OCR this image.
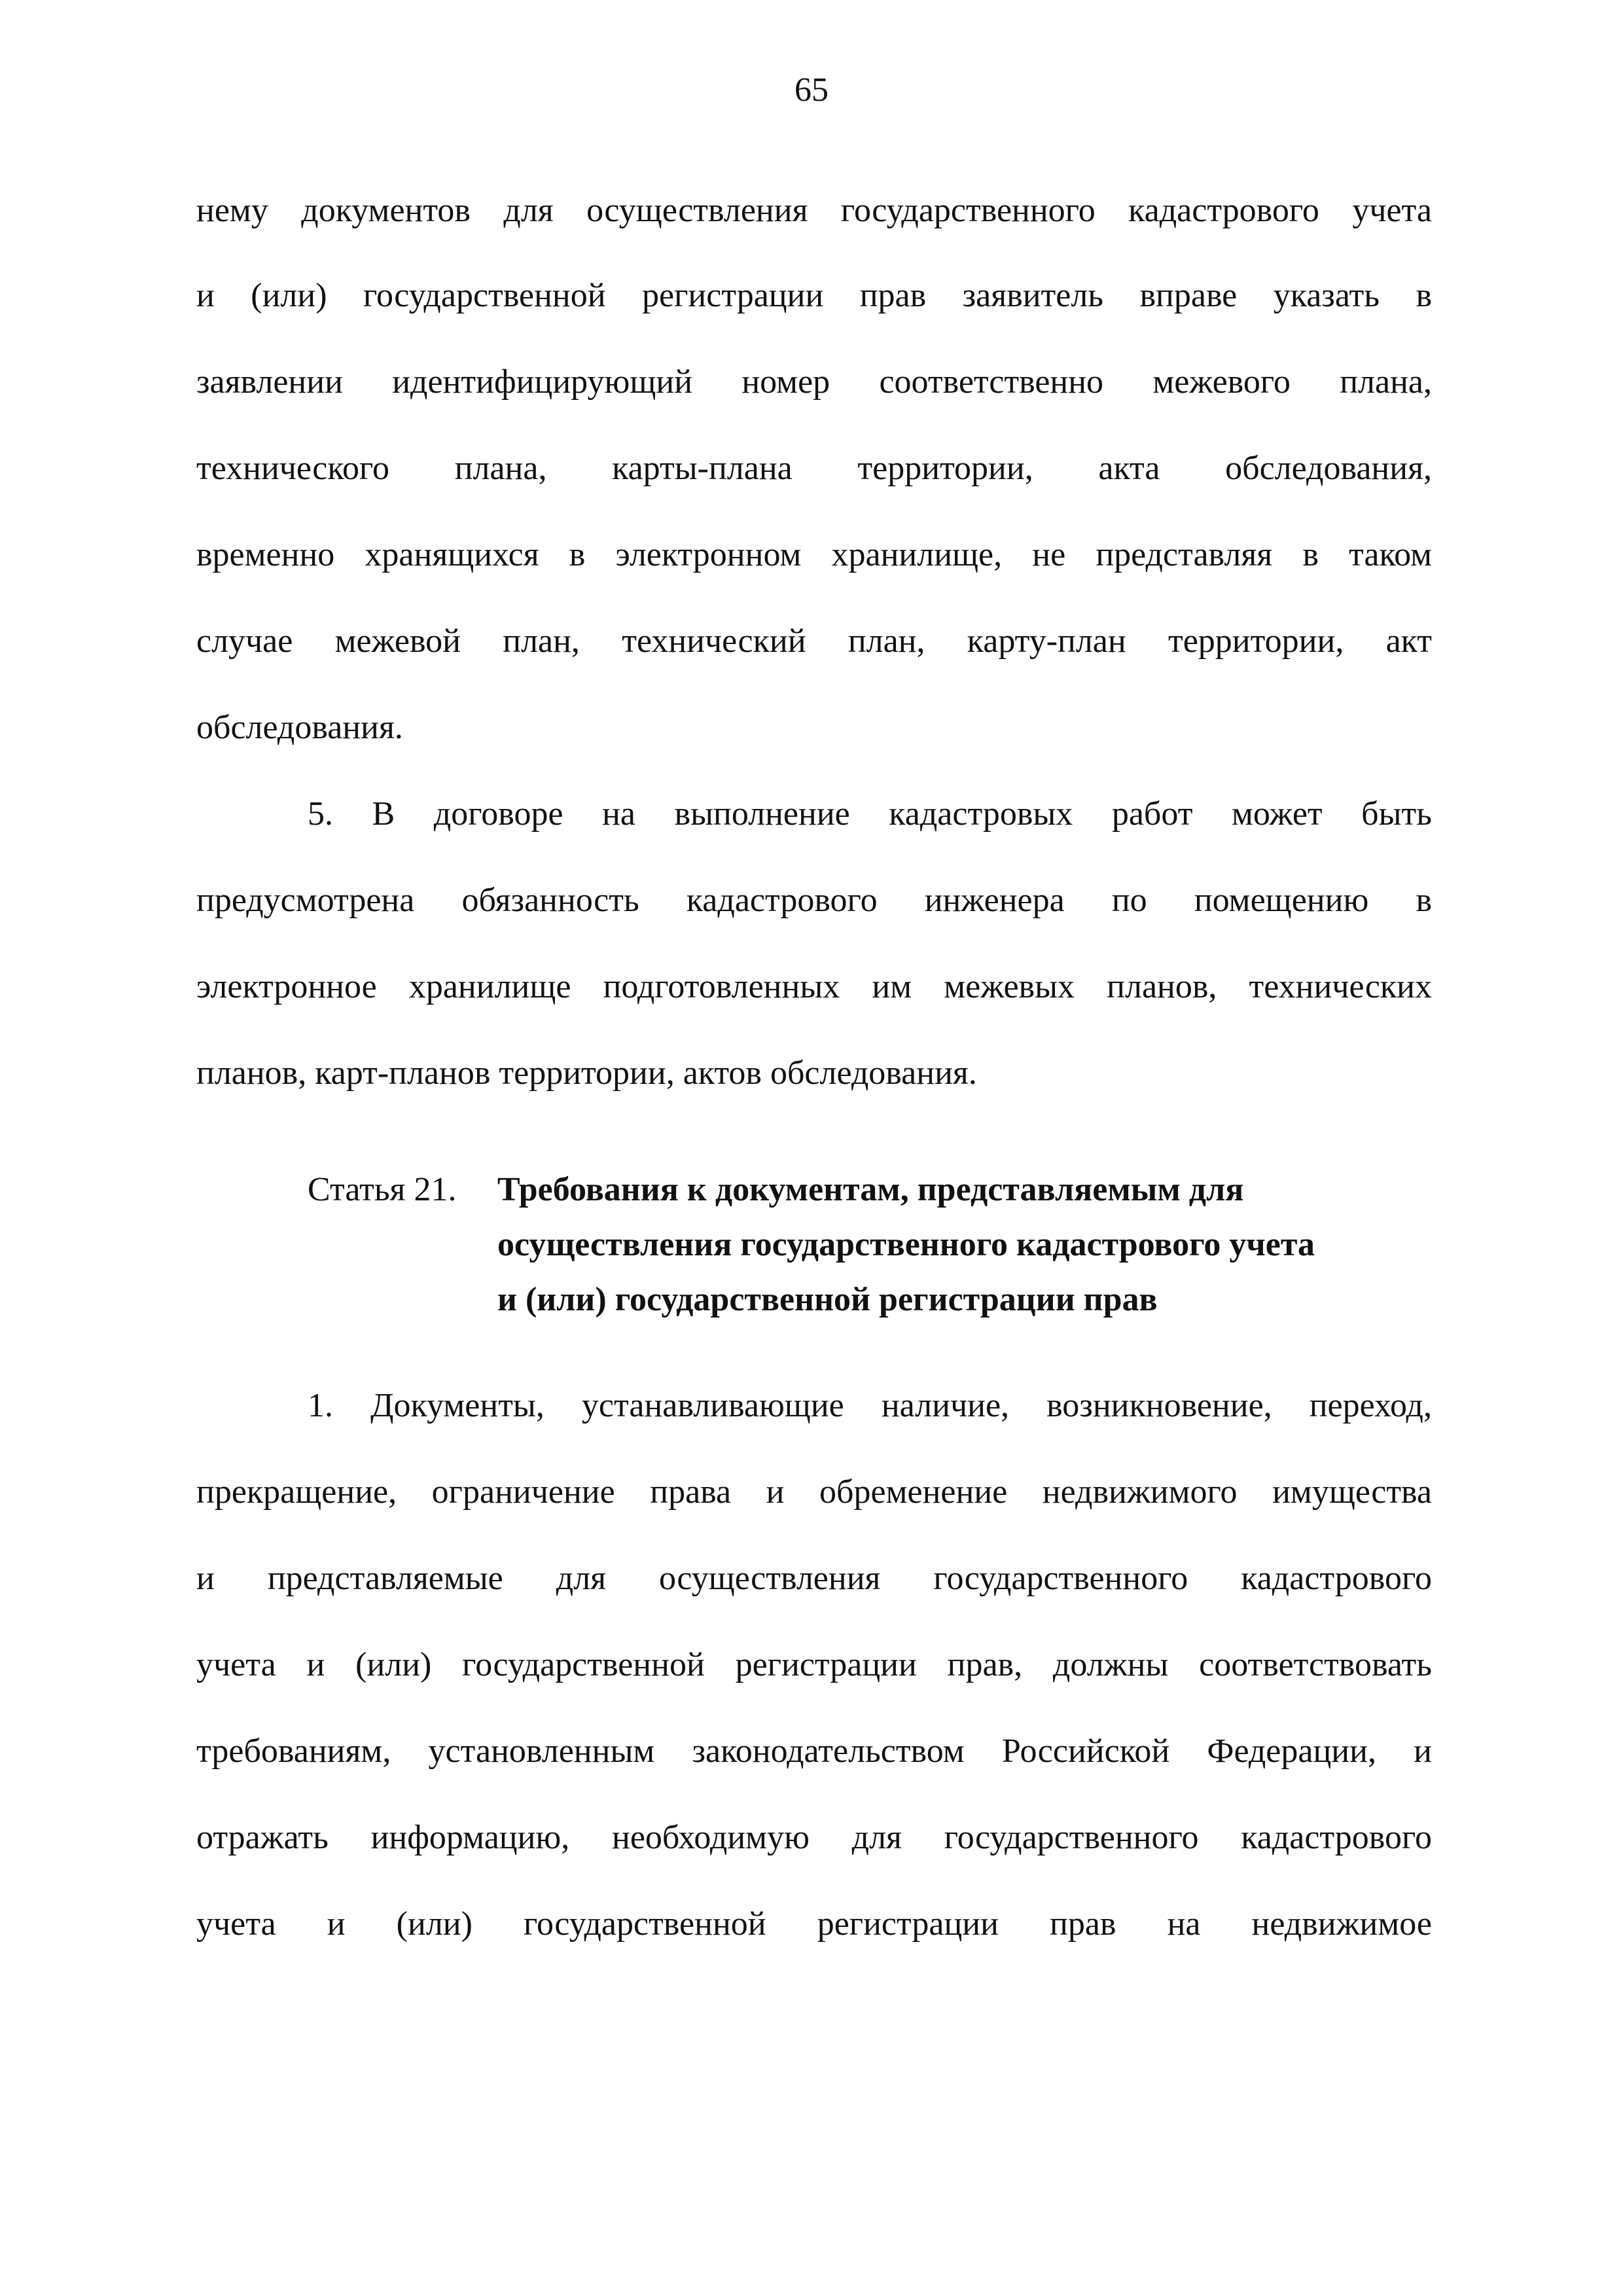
65
нему документов для осуществления государственного кадастрового учета
и (или) государственной регистрации прав заявитель вправе указать в
заявлении идентифицирующий номер соответственно межевого плана,
технического плана, карты-плана территории, акта обследования,
временно хранящихся в электронном хранилище, не представляя в таком
случае межевой план, технический план, карту-план территории, акт
обследования.
5. В договоре на выполнение кадастровых работ может быть
предусмотрена обязанность кадастрового инженера по помещению в
электронное хранилище подготовленных им межевых планов, технических
планов, карт-планов территории, актов обследования.
Статья 21. Требования к документам, представляемым для
осуществления государственного кадастрового учета
и (или) государственной регистрации прав
1. Документы, устанавливающие наличие, возникновение, переход,
прекращение, ограничение права и обременение недвижимого имущества
и представляемые для осуществления государственного кадастрового
учета и (или) государственной регистрации прав, должны соответствовать
требованиям, установленным законодательством Российской Федерации, и
отражать информацию, необходимую для государственного кадастрового
учета и (или) государственной регистрации прав на недвижимое
